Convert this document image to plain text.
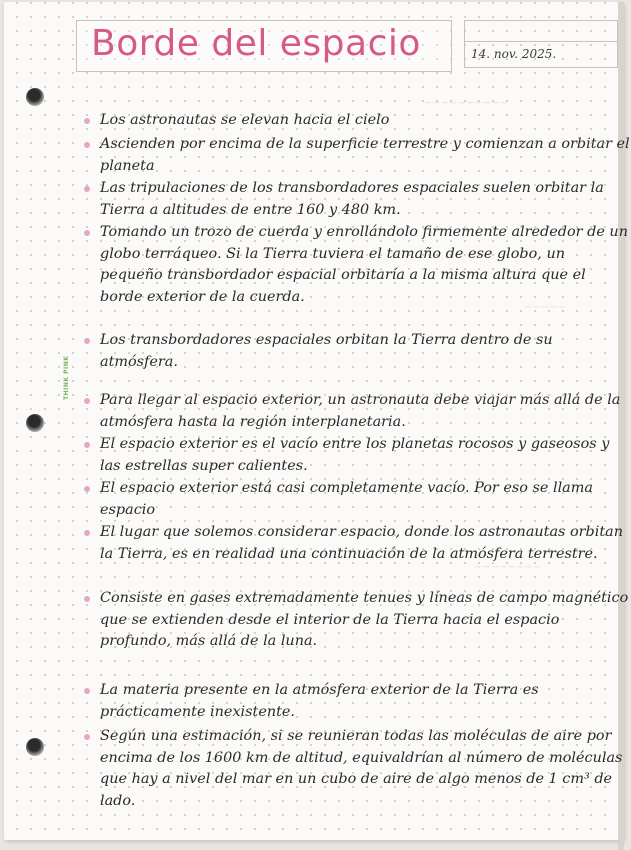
~~~~~~~~~~
~~~~~
~~~~~~~~
Borde del espacio	14. nov. 2025.
THINK PINK
Los astronautas se elevan hacia el cielo
Ascienden por encima de la superficie terrestre y comienzan a orbitar el planeta
Las tripulaciones de los transbordadores espaciales suelen orbitar la Tierra a altitudes de entre 160 y 480 km.
Tomando un trozo de cuerda y enrollándolo firmemente alrededor de un globo terráqueo. Si la Tierra tuviera el tamaño de ese globo, un pequeño transbordador espacial orbitaría a la misma altura que el borde exterior de la cuerda.
Los transbordadores espaciales orbitan la Tierra dentro de su atmósfera.
Para llegar al espacio exterior, un astronauta debe viajar más allá de la atmósfera hasta la región interplanetaria.
El espacio exterior es el vacío entre los planetas rocosos y gaseosos y las estrellas super calientes.
El espacio exterior está casi completamente vacío. Por eso se llama espacio
El lugar que solemos considerar espacio, donde los astronautas orbitan la Tierra, es en realidad una continuación de la atmósfera terrestre.
Consiste en gases extremadamente tenues y líneas de campo magnético que se extienden desde el interior de la Tierra hacia el espacio profundo, más allá de la luna.
La materia presente en la atmósfera exterior de la Tierra es prácticamente inexistente.
Según una estimación, si se reunieran todas las moléculas de aire por encima de los 1600 km de altitud, equivaldrían al número de moléculas que hay a nivel del mar en un cubo de aire de algo menos de 1 cm³ de lado.
